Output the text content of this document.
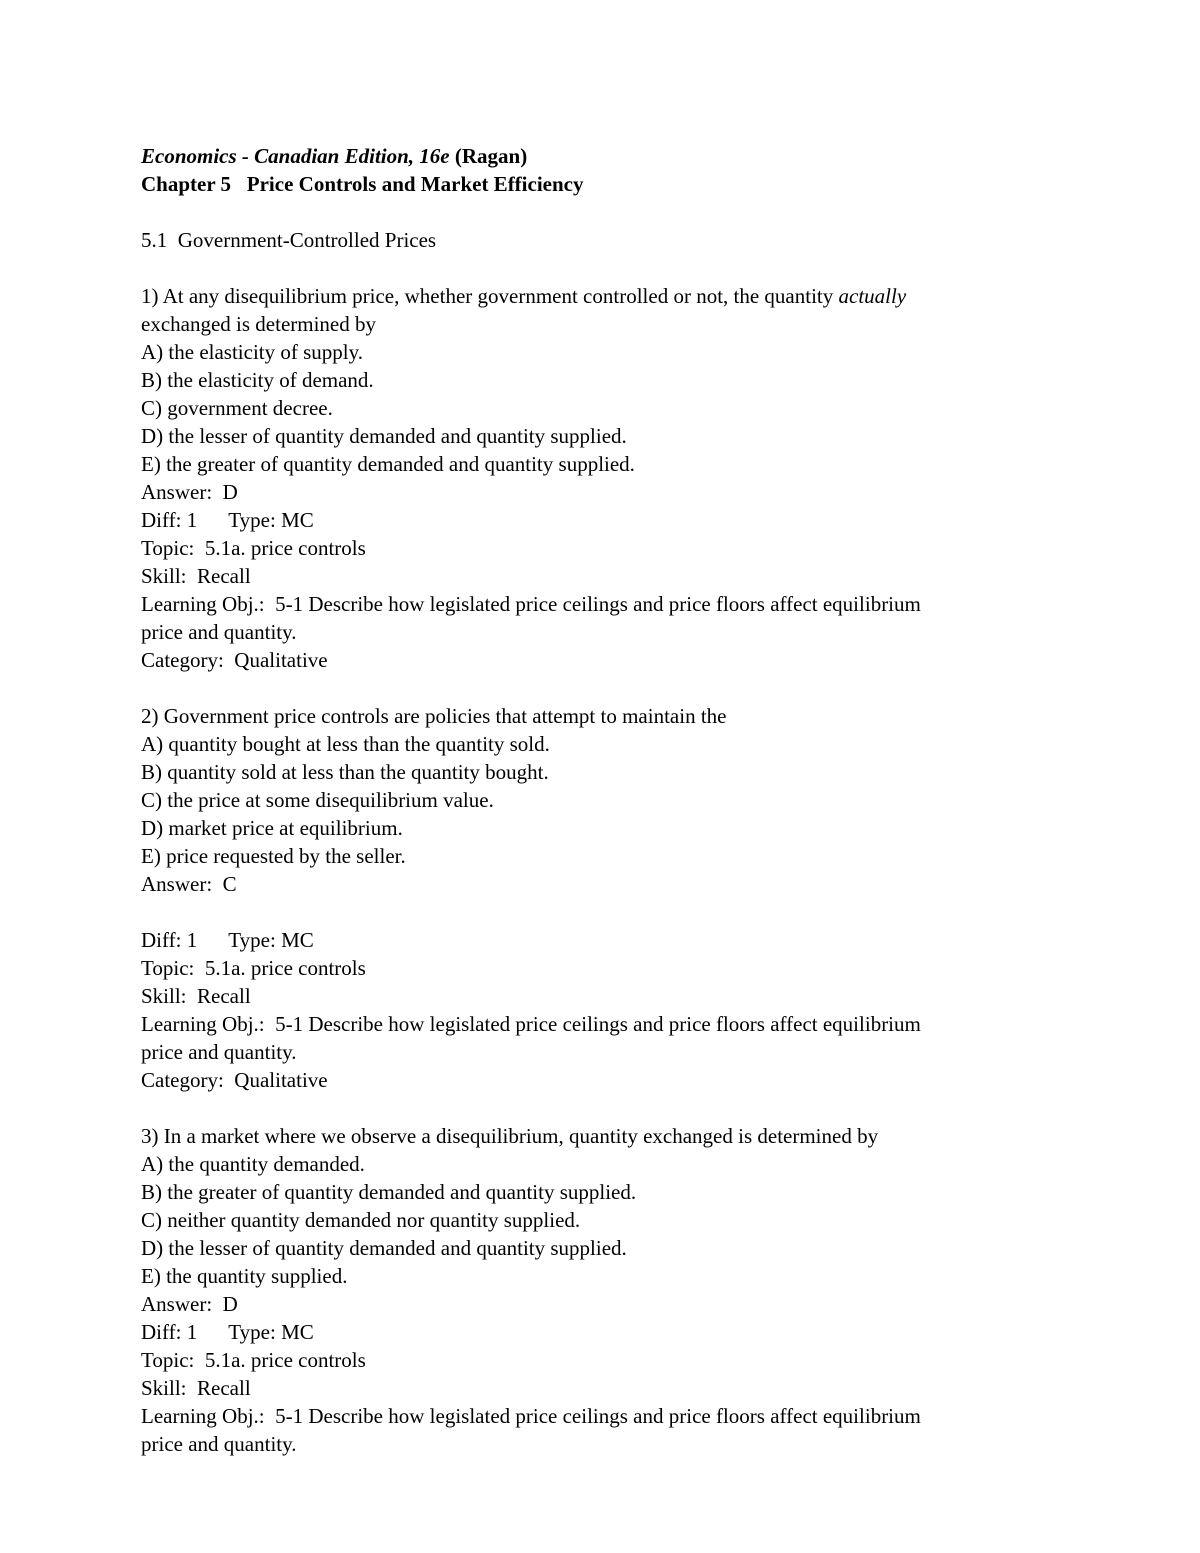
Economics - Canadian Edition, 16e (Ragan)
Chapter 5   Price Controls and Market Efficiency
5.1  Government-Controlled Prices
1) At any disequilibrium price, whether government controlled or not, the quantity actually
exchanged is determined by
A) the elasticity of supply.
B) the elasticity of demand.
C) government decree.
D) the lesser of quantity demanded and quantity supplied.
E) the greater of quantity demanded and quantity supplied.
Answer:  D
Diff: 1      Type: MC
Topic:  5.1a. price controls
Skill:  Recall
Learning Obj.:  5-1 Describe how legislated price ceilings and price floors affect equilibrium
price and quantity.
Category:  Qualitative
2) Government price controls are policies that attempt to maintain the
A) quantity bought at less than the quantity sold.
B) quantity sold at less than the quantity bought.
C) the price at some disequilibrium value.
D) market price at equilibrium.
E) price requested by the seller.
Answer:  C
Diff: 1      Type: MC
Topic:  5.1a. price controls
Skill:  Recall
Learning Obj.:  5-1 Describe how legislated price ceilings and price floors affect equilibrium
price and quantity.
Category:  Qualitative
3) In a market where we observe a disequilibrium, quantity exchanged is determined by
A) the quantity demanded.
B) the greater of quantity demanded and quantity supplied.
C) neither quantity demanded nor quantity supplied.
D) the lesser of quantity demanded and quantity supplied.
E) the quantity supplied.
Answer:  D
Diff: 1      Type: MC
Topic:  5.1a. price controls
Skill:  Recall
Learning Obj.:  5-1 Describe how legislated price ceilings and price floors affect equilibrium
price and quantity.
